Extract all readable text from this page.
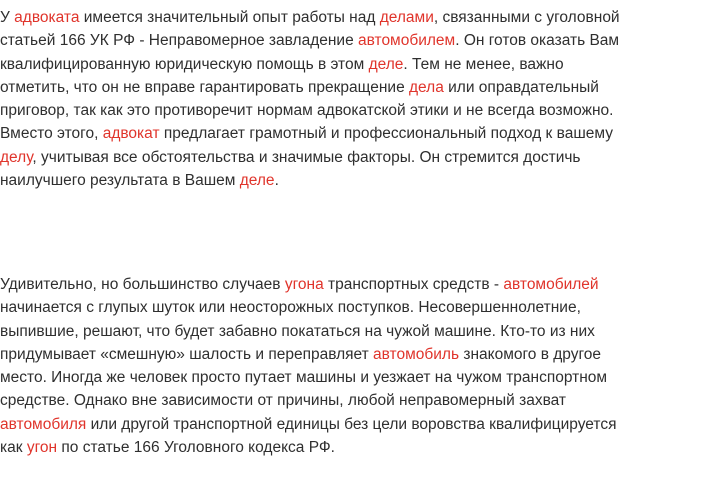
У адвоката имеется значительный опыт работы над делами, связанными с уголовной
статьей 166 УК РФ - Неправомерное завладение автомобилем. Он готов оказать Вам
квалифицированную юридическую помощь в этом деле. Тем не менее, важно
отметить, что он не вправе гарантировать прекращение дела или оправдательный
приговор, так как это противоречит нормам адвокатской этики и не всегда возможно.
Вместо этого, адвокат предлагает грамотный и профессиональный подход к вашему
делу, учитывая все обстоятельства и значимые факторы. Он стремится достичь
наилучшего результата в Вашем деле.
Удивительно, но большинство случаев угона транспортных средств - автомобилей
начинается с глупых шуток или неосторожных поступков. Несовершеннолетние,
выпившие, решают, что будет забавно покататься на чужой машине. Кто-то из них
придумывает «смешную» шалость и переправляет автомобиль знакомого в другое
место. Иногда же человек просто путает машины и уезжает на чужом транспортном
средстве. Однако вне зависимости от причины, любой неправомерный захват
автомобиля или другой транспортной единицы без цели воровства квалифицируется
как угон по статье 166 Уголовного кодекса РФ.
